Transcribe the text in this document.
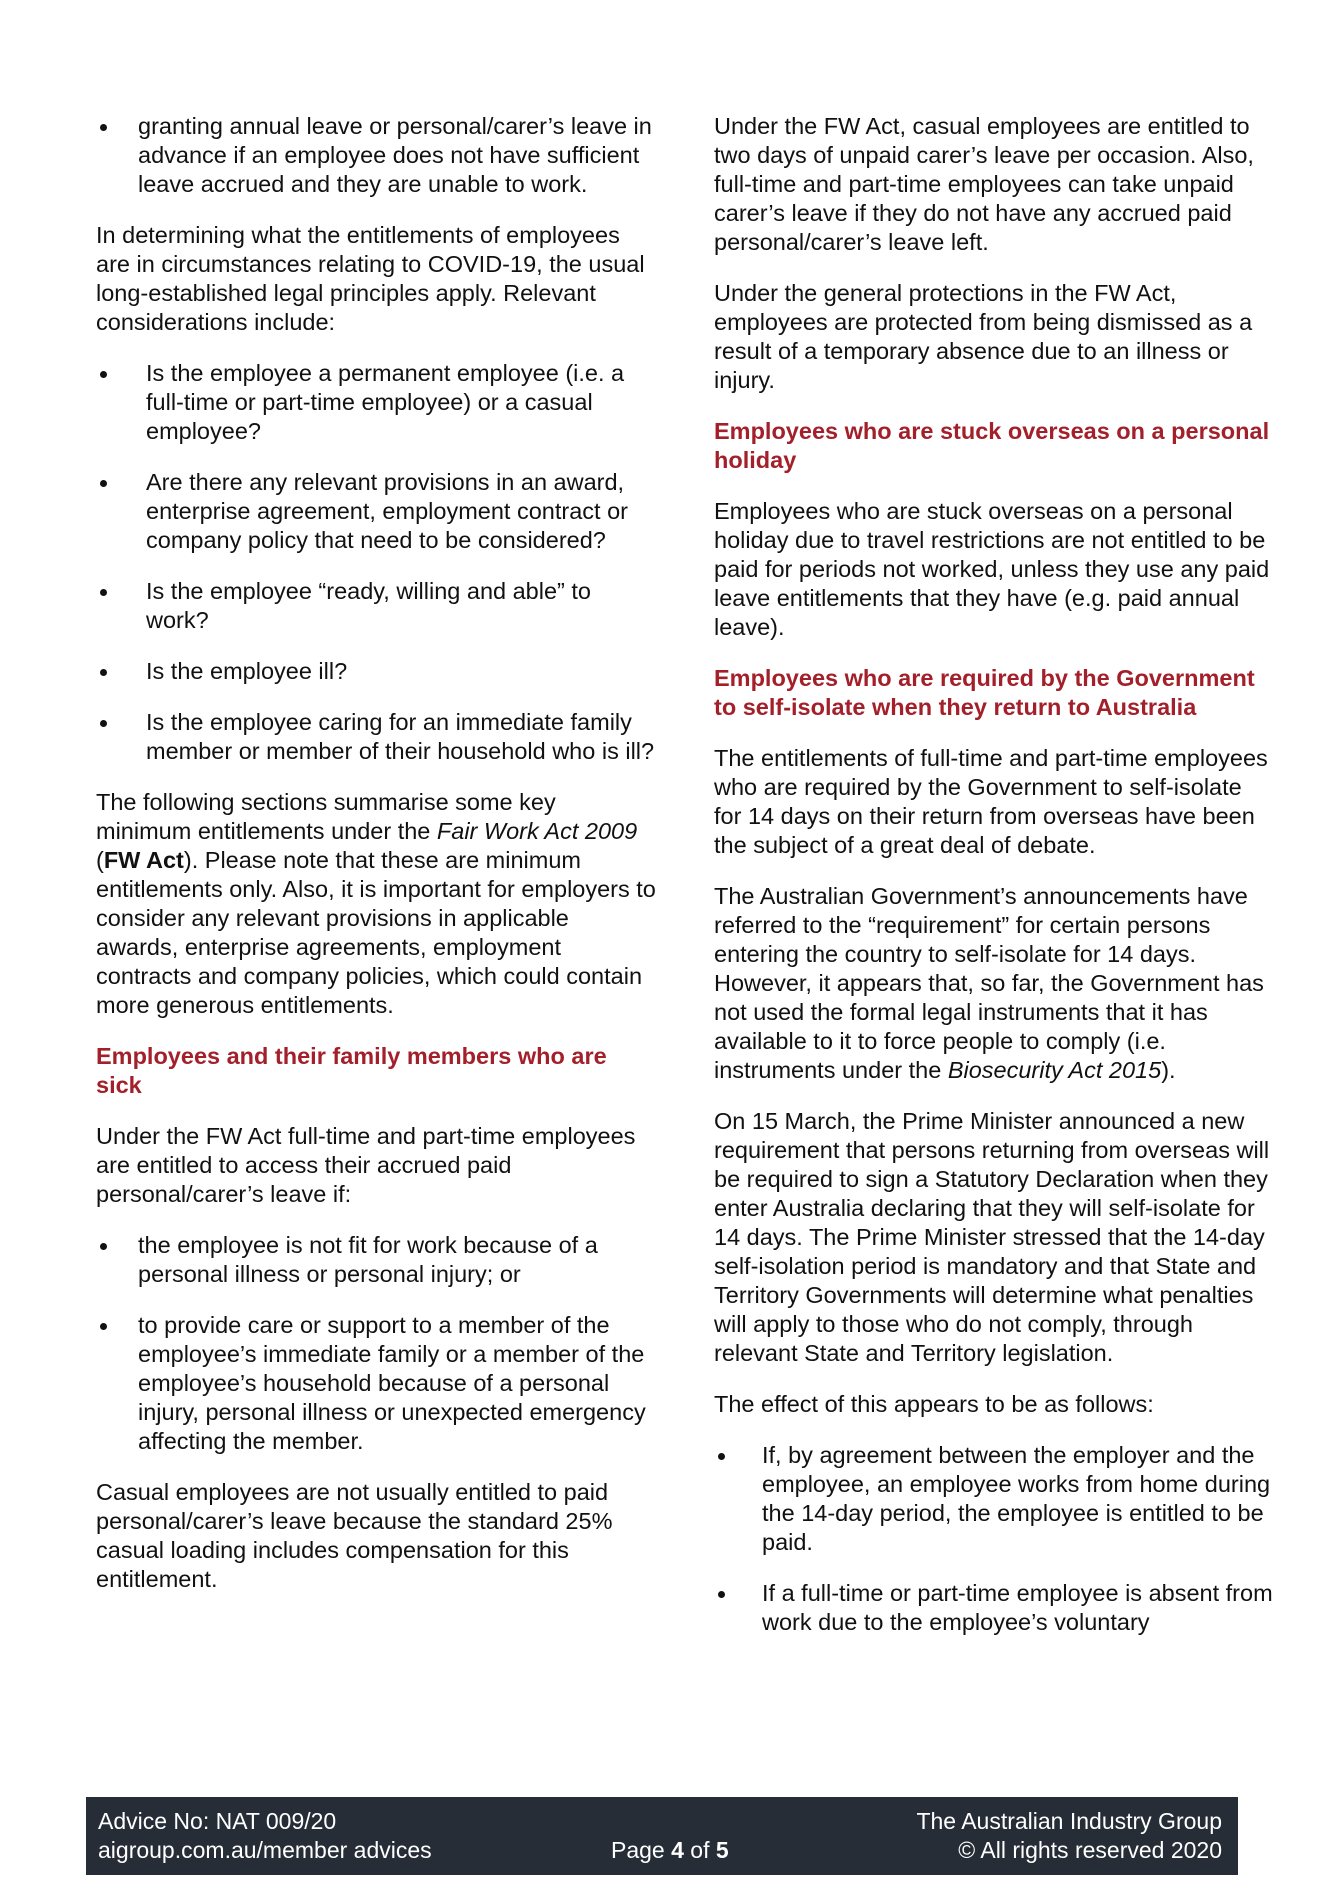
granting annual leave or personal/carer’s leave in advance if an employee does not have sufficient leave accrued and they are unable to work.

In determining what the entitlements of employees are in circumstances relating to COVID-19, the usual long-established legal principles apply. Relevant considerations include:

Is the employee a permanent employee (i.e. a full-time or part-time employee) or a casual employee?
Are there any relevant provisions in an award, enterprise agreement, employment contract or company policy that need to be considered?
Is the employee “ready, willing and able” to work?
Is the employee ill?
Is the employee caring for an immediate family member or member of their household who is ill?

The following sections summarise some key minimum entitlements under the Fair Work Act 2009 (FW Act). Please note that these are minimum entitlements only. Also, it is important for employers to consider any relevant provisions in applicable awards, enterprise agreements, employment contracts and company policies, which could contain more generous entitlements.

Employees and their family members who are sick

Under the FW Act full-time and part-time employees are entitled to access their accrued paid personal/carer’s leave if:

the employee is not fit for work because of a personal illness or personal injury; or
to provide care or support to a member of the employee’s immediate family or a member of the employee’s household because of a personal injury, personal illness or unexpected emergency affecting the member.

Casual employees are not usually entitled to paid personal/carer’s leave because the standard 25% casual loading includes compensation for this entitlement.

Under the FW Act, casual employees are entitled to two days of unpaid carer’s leave per occasion. Also, full-time and part-time employees can take unpaid carer’s leave if they do not have any accrued paid personal/carer’s leave left.

Under the general protections in the FW Act, employees are protected from being dismissed as a result of a temporary absence due to an illness or injury.

Employees who are stuck overseas on a personal holiday

Employees who are stuck overseas on a personal holiday due to travel restrictions are not entitled to be paid for periods not worked, unless they use any paid leave entitlements that they have (e.g. paid annual leave).

Employees who are required by the Government to self-isolate when they return to Australia

The entitlements of full-time and part-time employees who are required by the Government to self-isolate for 14 days on their return from overseas have been the subject of a great deal of debate.

The Australian Government’s announcements have referred to the “requirement” for certain persons entering the country to self-isolate for 14 days. However, it appears that, so far, the Government has not used the formal legal instruments that it has available to it to force people to comply (i.e. instruments under the Biosecurity Act 2015).

On 15 March, the Prime Minister announced a new requirement that persons returning from overseas will be required to sign a Statutory Declaration when they enter Australia declaring that they will self-isolate for 14 days. The Prime Minister stressed that the 14-day self-isolation period is mandatory and that State and Territory Governments will determine what penalties will apply to those who do not comply, through relevant State and Territory legislation.

The effect of this appears to be as follows:

If, by agreement between the employer and the employee, an employee works from home during the 14-day period, the employee is entitled to be paid.
If a full-time or part-time employee is absent from work due to the employee’s voluntary
Advice No: NAT 009/20
aigroup.com.au/member advices	Page 4 of 5
The Australian Industry Group
© All rights reserved 2020
